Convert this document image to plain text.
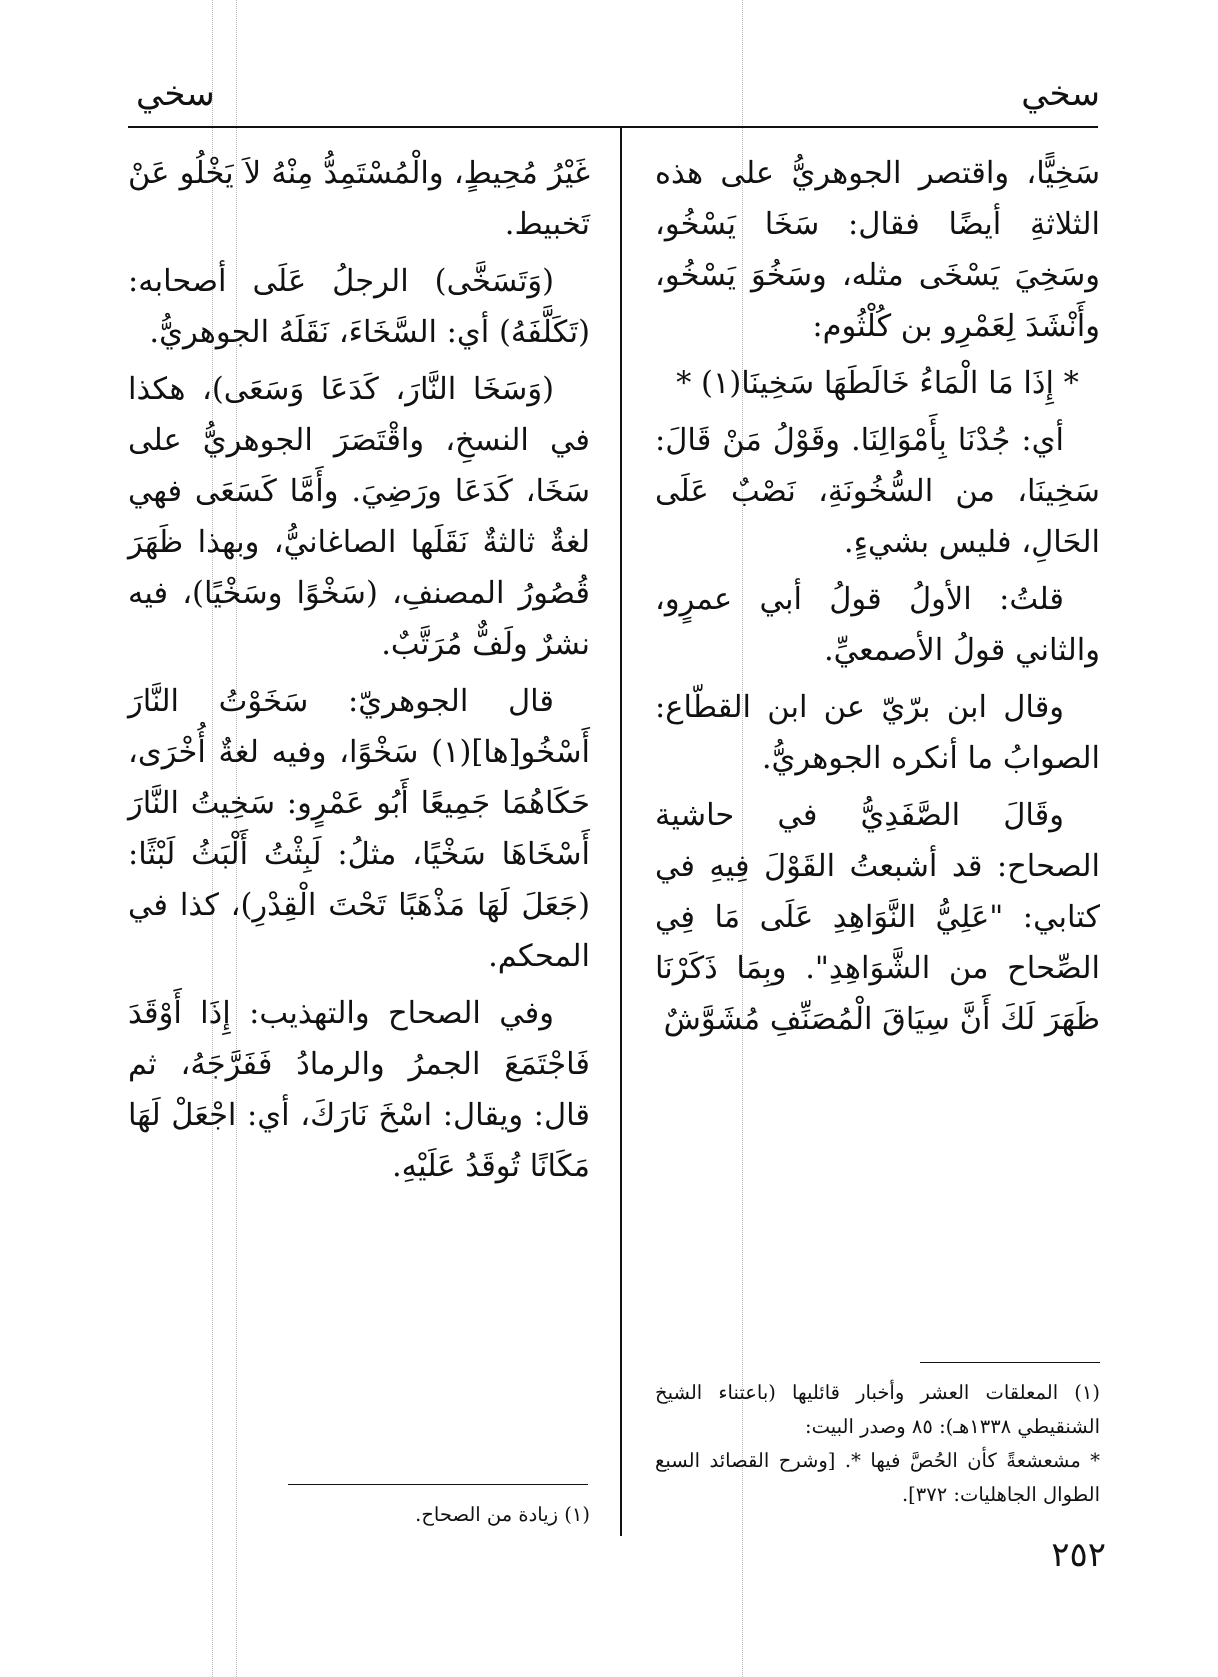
سخي
سخي

سَخِيًّا، واقتصر الجوهريُّ على هذه الثلاثةِ أيضًا فقال: سَخَا يَسْخُو، وسَخِيَ يَسْخَى مثله، وسَخُوَ يَسْخُو، وأَنْشَدَ لِعَمْرِو بن كُلْثُوم:

* إِذَا مَا الْمَاءُ خَالَطَهَا سَخِينَا(١) *

أي: جُدْنَا بِأَمْوَالِنَا. وقَوْلُ مَنْ قَالَ: سَخِينَا، من السُّخُونَةِ، نَصْبٌ عَلَى الحَالِ، فليس بشيءٍ.

قلتُ: الأولُ قولُ أبي عمرٍو، والثاني قولُ الأصمعيِّ.

وقال ابن برّيّ عن ابن القطّاع: الصوابُ ما أنكره الجوهريُّ.

وقَالَ الصَّفَدِيُّ في حاشية الصحاح: قد أشبعتُ القَوْلَ فِيهِ في كتابي: "عَلِيُّ النَّوَاهِدِ عَلَى مَا فِي الصِّحاح من الشَّوَاهِدِ". وبِمَا ذَكَرْنَا ظَهَرَ لَكَ أَنَّ سِيَاقَ الْمُصَنِّفِ مُشَوَّشٌ

(١) المعلقات العشر وأخبار قائليها (باعتناء الشيخ الشنقيطي ١٣٣٨هـ): ٨٥ وصدر البيت:

* مشعشعةً كأن الحُصَّ فيها *. [وشرح القصائد السبع الطوال الجاهليات: ٣٧٢].

غَيْرُ مُحِيطٍ، والْمُسْتَمِدُّ مِنْهُ لاَ يَخْلُو عَنْ تَخبيط.

(وَتَسَخَّى) الرجلُ عَلَى أصحابه: (تَكَلَّفَهُ) أي: السَّخَاءَ، نَقَلَهُ الجوهريُّ.

(وَسَخَا النَّارَ، كَدَعَا وَسَعَى)، هكذا في النسخِ، واقْتَصَرَ الجوهريُّ على سَخَا، كَدَعَا ورَضِيَ. وأَمَّا كَسَعَى فهي لغةٌ ثالثةٌ نَقَلَها الصاغانيُّ، وبهذا ظَهَرَ قُصُورُ المصنفِ، (سَخْوًا وسَخْيًا)، فيه نشرٌ ولَفٌّ مُرَتَّبٌ.

قال الجوهريّ: سَخَوْتُ النَّارَ أَسْخُو[ها](١) سَخْوًا، وفيه لغةٌ أُخْرَى، حَكَاهُمَا جَمِيعًا أَبُو عَمْرٍو: سَخِيتُ النَّارَ أَسْخَاهَا سَخْيًا، مثلُ: لَبِثْتُ أَلْبَثُ لَبْثًا: (جَعَلَ لَهَا مَذْهَبًا تَحْتَ الْقِدْرِ)، كذا في المحكم.

وفي الصحاح والتهذيب: إِذَا أَوْقَدَ فَاجْتَمَعَ الجمرُ والرمادُ فَفَرَّجَهُ، ثم قال: ويقال: اسْخَ نَارَكَ، أي: اجْعَلْ لَهَا مَكَانًا تُوقَدُ عَلَيْهِ.

(١) زيادة من الصحاح.

٢٥٢
